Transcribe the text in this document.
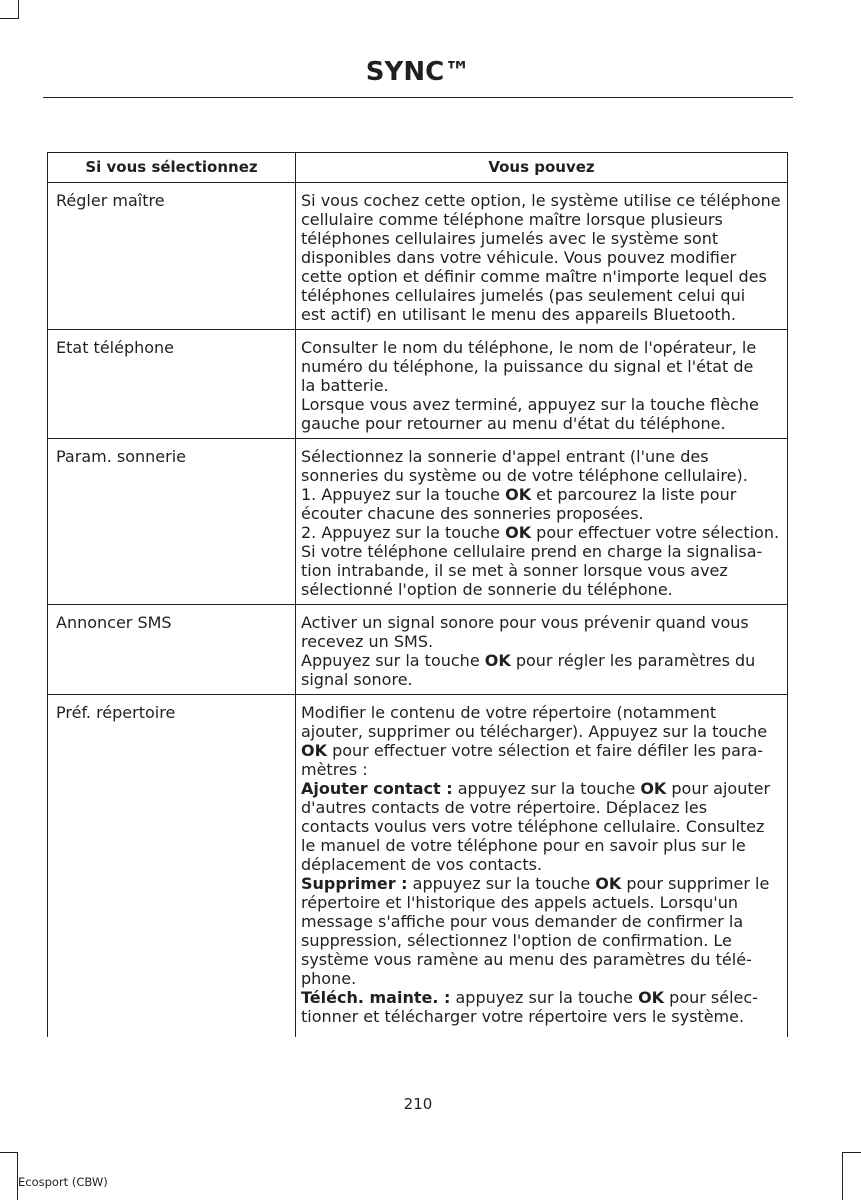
SYNC™
Si vous sélectionnez	Vous pouvez
Régler maître	Si vous cochez cette option, le système utilise ce téléphone
cellulaire comme téléphone maître lorsque plusieurs
téléphones cellulaires jumelés avec le système sont
disponibles dans votre véhicule. Vous pouvez modifier
cette option et définir comme maître n'importe lequel des
téléphones cellulaires jumelés (pas seulement celui qui
est actif) en utilisant le menu des appareils Bluetooth.
Etat téléphone	Consulter le nom du téléphone, le nom de l'opérateur, le
numéro du téléphone, la puissance du signal et l'état de
la batterie.
Lorsque vous avez terminé, appuyez sur la touche flèche
gauche pour retourner au menu d'état du téléphone.
Param. sonnerie	Sélectionnez la sonnerie d'appel entrant (l'une des
sonneries du système ou de votre téléphone cellulaire).
1. Appuyez sur la touche OK et parcourez la liste pour
écouter chacune des sonneries proposées.
2. Appuyez sur la touche OK pour effectuer votre sélection.
Si votre téléphone cellulaire prend en charge la signalisa-
tion intrabande, il se met à sonner lorsque vous avez
sélectionné l'option de sonnerie du téléphone.
Annoncer SMS	Activer un signal sonore pour vous prévenir quand vous
recevez un SMS.
Appuyez sur la touche OK pour régler les paramètres du
signal sonore.
Préf. répertoire	Modifier le contenu de votre répertoire (notamment
ajouter, supprimer ou télécharger). Appuyez sur la touche
OK pour effectuer votre sélection et faire défiler les para-
mètres :
Ajouter contact : appuyez sur la touche OK pour ajouter
d'autres contacts de votre répertoire. Déplacez les
contacts voulus vers votre téléphone cellulaire. Consultez
le manuel de votre téléphone pour en savoir plus sur le
déplacement de vos contacts.
Supprimer : appuyez sur la touche OK pour supprimer le
répertoire et l'historique des appels actuels. Lorsqu'un
message s'affiche pour vous demander de confirmer la
suppression, sélectionnez l'option de confirmation. Le
système vous ramène au menu des paramètres du télé-
phone.
Téléch. mainte. : appuyez sur la touche OK pour sélec-
tionner et télécharger votre répertoire vers le système.
210
Ecosport (CBW)
